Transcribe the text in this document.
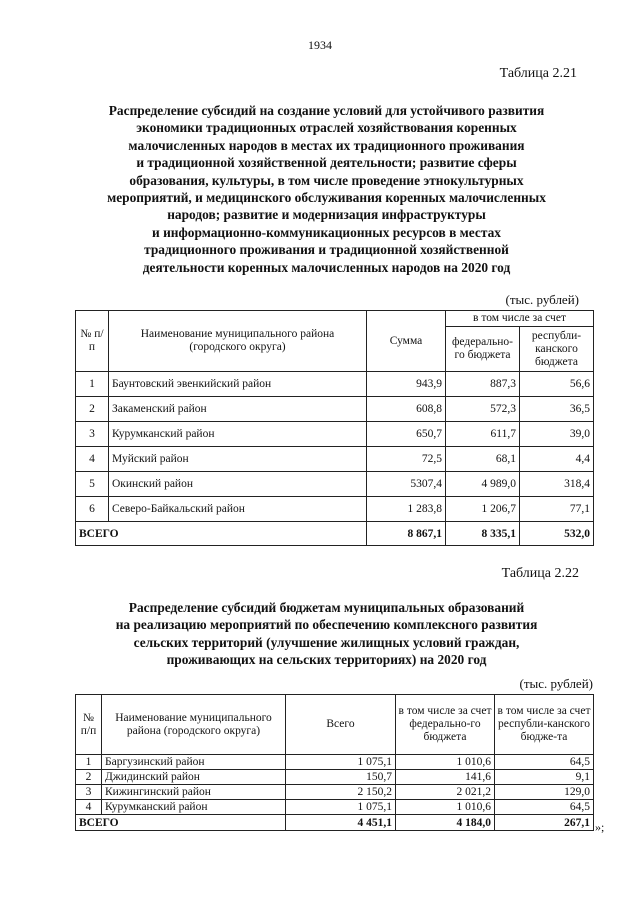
1934
Таблица 2.21
Распределение субсидий на создание условий для устойчивого развития
экономики традиционных отраслей хозяйствования коренных
малочисленных народов в местах их традиционного проживания
и традиционной хозяйственной деятельности; развитие сферы
образования, культуры, в том числе проведение этнокультурных
мероприятий, и медицинского обслуживания коренных малочисленных
народов; развитие и модернизация инфраструктуры
и информационно-коммуникационных ресурсов в местах
традиционного проживания и традиционной хозяйственной
деятельности коренных малочисленных народов на 2020 год
(тыс. рублей)
№ п/п	Наименование муниципального района (городского округа)	Сумма	в том числе за счет	
			федерально-го бюджета	республи-канского бюджета
1	Баунтовский эвенкийский район	943,9	887,3	56,6
2	Закаменский район	608,8	572,3	36,5
3	Курумканский район	650,7	611,7	39,0
4	Муйский район	72,5	68,1	4,4
5	Окинский район	5307,4	4 989,0	318,4
6	Северо-Байкальский район	1 283,8	1 206,7	77,1
ВСЕГО		8 867,1	8 335,1	532,0
Таблица 2.22
Распределение субсидий бюджетам муниципальных образований
на реализацию мероприятий по обеспечению комплексного развития
сельских территорий (улучшение жилищных условий граждан,
проживающих на сельских территориях) на 2020 год
(тыс. рублей)
№ п/п	Наименование муниципального района (городского округа)	Всего	в том числе за счет федерально-го бюджета	в том числе за счет республи-канского бюдже-та
1	Баргузинский район	1 075,1	1 010,6	64,5
2	Джидинский район	150,7	141,6	9,1
3	Кижингинский район	2 150,2	2 021,2	129,0
4	Курумканский район	1 075,1	1 010,6	64,5
ВСЕГО		4 451,1	4 184,0	267,1 »;
